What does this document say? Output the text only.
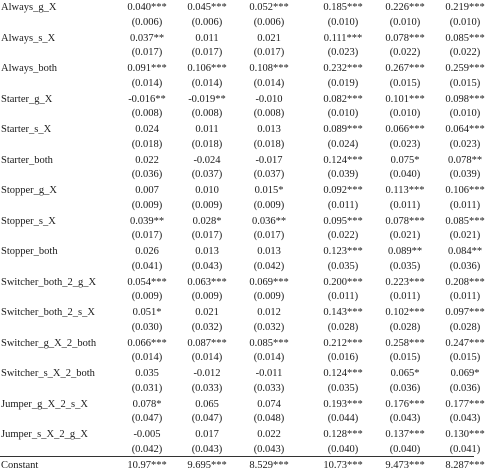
Always_g_X	0.040***	0.045***	0.052***	0.185***	0.226***	0.219***
(0.006)	(0.006)	(0.006)	(0.010)	(0.010)	(0.010)
Always_s_X	0.037**	0.011	0.021	0.111***	0.078***	0.085***
(0.017)	(0.017)	(0.017)	(0.023)	(0.022)	(0.022)
Always_both	0.091***	0.106***	0.108***	0.232***	0.267***	0.259***
(0.014)	(0.014)	(0.014)	(0.019)	(0.015)	(0.015)
Starter_g_X	-0.016**	-0.019**	-0.010	0.082***	0.101***	0.098***
(0.008)	(0.008)	(0.008)	(0.010)	(0.010)	(0.010)
Starter_s_X	0.024	0.011	0.013	0.089***	0.066***	0.064***
(0.018)	(0.018)	(0.018)	(0.024)	(0.023)	(0.023)
Starter_both	0.022	-0.024	-0.017	0.124***	0.075*	0.078**
(0.036)	(0.037)	(0.037)	(0.039)	(0.040)	(0.039)
Stopper_g_X	0.007	0.010	0.015*	0.092***	0.113***	0.106***
(0.009)	(0.009)	(0.009)	(0.011)	(0.011)	(0.011)
Stopper_s_X	0.039**	0.028*	0.036**	0.095***	0.078***	0.085***
(0.017)	(0.017)	(0.017)	(0.022)	(0.021)	(0.021)
Stopper_both	0.026	0.013	0.013	0.123***	0.089**	0.084**
(0.041)	(0.043)	(0.042)	(0.035)	(0.035)	(0.036)
Switcher_both_2_g_X	0.054***	0.063***	0.069***	0.200***	0.223***	0.208***
(0.009)	(0.009)	(0.009)	(0.011)	(0.011)	(0.011)
Switcher_both_2_s_X	0.051*	0.021	0.012	0.143***	0.102***	0.097***
(0.030)	(0.032)	(0.032)	(0.028)	(0.028)	(0.028)
Switcher_g_X_2_both	0.066***	0.087***	0.085***	0.212***	0.258***	0.247***
(0.014)	(0.014)	(0.014)	(0.016)	(0.015)	(0.015)
Switcher_s_X_2_both	0.035	-0.012	-0.011	0.124***	0.065*	0.069*
(0.031)	(0.033)	(0.033)	(0.035)	(0.036)	(0.036)
Jumper_g_X_2_s_X	0.078*	0.065	0.074	0.193***	0.176***	0.177***
(0.047)	(0.047)	(0.048)	(0.044)	(0.043)	(0.043)
Jumper_s_X_2_g_X	-0.005	0.017	0.022	0.128***	0.137***	0.130***
(0.042)	(0.043)	(0.043)	(0.040)	(0.040)	(0.041)
Constant	10.97***	9.695***	8.529***	10.73***	9.473***	8.287***
